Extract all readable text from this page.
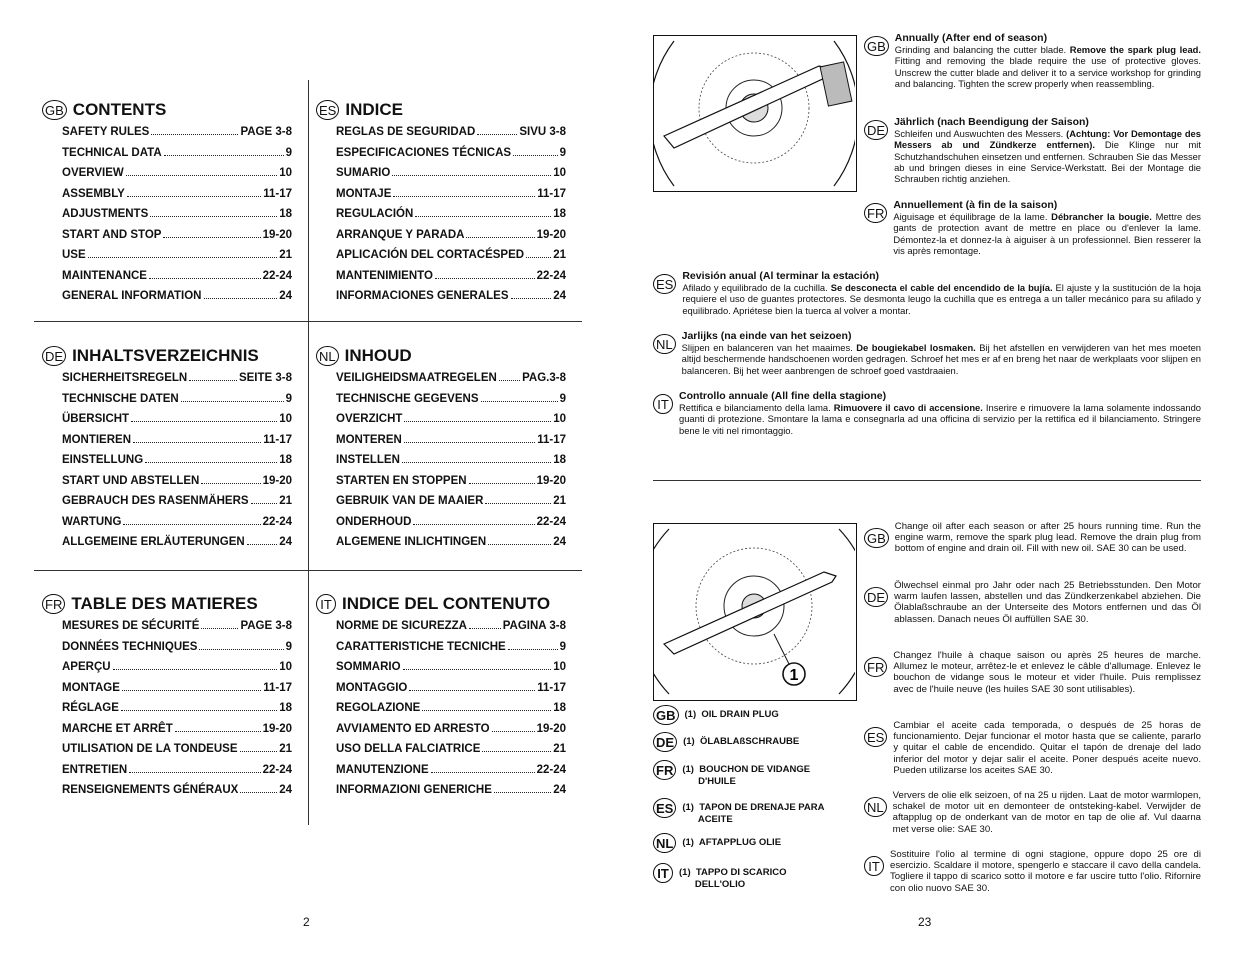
GB CONTENTS
SAFETY RULES	PAGE 3-8
TECHNICAL DATA	9
OVERVIEW	10
ASSEMBLY	11-17
ADJUSTMENTS	18
START AND STOP	19-20
USE	21
MAINTENANCE	22-24
GENERAL INFORMATION	24
ES INDICE
REGLAS DE SEGURIDAD	SIVU 3-8
ESPECIFICACIONES TÉCNICAS	9
SUMARIO	10
MONTAJE	11-17
REGULACIÓN	18
ARRANQUE Y PARADA	19-20
APLICACIÓN DEL CORTACÉSPED	21
MANTENIMIENTO	22-24
INFORMACIONES GENERALES	24
DE INHALTSVERZEICHNIS
SICHERHEITSREGELN	SEITE 3-8
TECHNISCHE DATEN	9
ÜBERSICHT	10
MONTIEREN	11-17
EINSTELLUNG	18
START UND ABSTELLEN	19-20
GEBRAUCH DES RASENMÄHERS	21
WARTUNG	22-24
ALLGEMEINE ERLÄUTERUNGEN	24
NL INHOUD
VEILIGHEIDSMAATREGELEN PAG.3-8
TECHNISCHE GEGEVENS	9
OVERZICHT	10
MONTEREN	11-17
INSTELLEN	18
STARTEN EN STOPPEN	19-20
GEBRUIK VAN DE MAAIER	21
ONDERHOUD	22-24
ALGEMENE INLICHTINGEN	24
FR TABLE DES MATIERES
MESURES DE SÉCURITÉ	PAGE 3-8
DONNÉES TECHNIQUES	9
APERÇU	10
MONTAGE	11-17
RÉGLAGE	18
MARCHE ET ARRÊT	19-20
UTILISATION DE LA TONDEUSE	21
ENTRETIEN	22-24
RENSEIGNEMENTS GÉNÉRAUX	24
IT INDICE DEL CONTENUTO
NORME DE SICUREZZA	PAGINA 3-8
CARATTERISTICHE TECNICHE	9
SOMMARIO	10
MONTAGGIO	11-17
REGOLAZIONE	18
AVVIAMENTO ED ARRESTO	19-20
USO DELLA FALCIATRICE	21
MANUTENZIONE	22-24
INFORMAZIONI GENERICHE	24
2
GB
Annually (After end of season)
Grinding and balancing the cutter blade. Remove the spark plug lead. Fitting and removing the blade require the use of protective gloves. Unscrew the cutter blade and deliver it to a service workshop for grinding and balancing. Tighten the screw properly when reassembling.
DE
Jährlich (nach Beendigung der Saison)
Schleifen und Auswuchten des Messers. (Achtung: Vor Demontage des Messers ab und Zündkerze entfernen). Die Klinge nur mit Schutzhandschuhen einsetzen und entfernen. Schrauben Sie das Messer ab und bringen dieses in eine Service-Werkstatt. Bei der Montage die Schrauben richtig anziehen.
FR
Annuellement (à fin de la saison)
Aiguisage et équilibrage de la lame. Débrancher la bougie. Mettre des gants de protection avant de mettre en place ou d'enlever la lame. Démontez-la et donnez-la à aiguiser à un professionnel. Bien resserer la vis après remontage.
ES
Revisión anual (Al terminar la estación)
Afilado y equilibrado de la cuchilla. Se desconecta el cable del encendido de la bujía. El ajuste y la sustitución de la hoja requiere el uso de guantes protectores. Se desmonta leugo la cuchilla que es entrega a un taller mecánico para su afilado y equilibrado. Apriétese bien la tuerca al volver a montar.
NL
Jarlijks (na einde van het seizoen)
Slijpen en balanceren van het maaimes. De bougiekabel losmaken. Bij het afstellen en verwijderen van het mes moeten altijd beschermende handschoenen worden gedragen. Schroef het mes er af en breng het naar de werkplaats voor slijpen en balanceren. Bij het weer aanbrengen de schroef goed vastdraaien.
IT
Controllo annuale (All fine della stagione)
Rettifica e bilanciamento della lama. Rimuovere il cavo di accensione. Inserire e rimuovere la lama solamente indossando guanti di protezione. Smontare la lama e consegnarla ad una officina di servizio per la rettifica ed il bilanciamento. Stringere bene le viti nel rimontaggio.
1
GB (1)  OIL DRAIN PLUG
DE (1)  ÖLABLAßSCHRAUBE
FR (1)  BOUCHON DE VIDANGE
D'HUILE
ES (1)  TAPON DE DRENAJE PARA
ACEITE
NL (1)  AFTAPPLUG OLIE
IT	(1)  TAPPO DI SCARICO
DELL'OLIO
GB
Change oil after each season or after 25 hours running time. Run the engine warm, remove the spark plug lead. Remove the drain plug from bottom of engine and drain oil. Fill with new oil. SAE 30 can be used.
DE
Ölwechsel einmal pro Jahr oder nach 25 Betriebsstunden. Den Motor warm laufen lassen, abstellen und das Zündkerzenkabel abziehen. Die Ölablaßschraube an der Unterseite des Motors entfernen und das Öl ablassen. Danach neues Öl auffüllen SAE 30.
FR
Changez l'huile à chaque saison ou après 25 heures de marche. Allumez le moteur, arrêtez-le et enlevez le câble d'allumage. Enlevez le bouchon de vidange sous le moteur et vider l'huile. Puis remplissez avec de l'huile neuve (les huiles SAE 30 sont utilisables).
ES
Cambiar el aceite cada temporada, o después de 25 horas de funcionamiento. Dejar funcionar el motor hasta que se caliente, pararlo y quitar el cable de encendido. Quitar el tapón de drenaje del lado inferior del motor y dejar salir el aceite. Poner después aceite nuevo. Pueden utilizarse los aceites SAE 30.
NL
Ververs de olie elk seizoen, of na 25 u rijden. Laat de motor warmlopen, schakel de motor uit en demonteer de ontsteking-kabel. Verwijder de aftapplug op de onderkant van de motor en tap de olie af. Vul daarna met verse olie: SAE 30.
IT
Sostituire l'olio al termine di ogni stagione, oppure dopo 25 ore di esercizio. Scaldare il motore, spengerlo e staccare il cavo della candela. Togliere il tappo di scarico sotto il motore e far uscire tutto l'olio. Rifornire con olio nuovo SAE 30.
23
